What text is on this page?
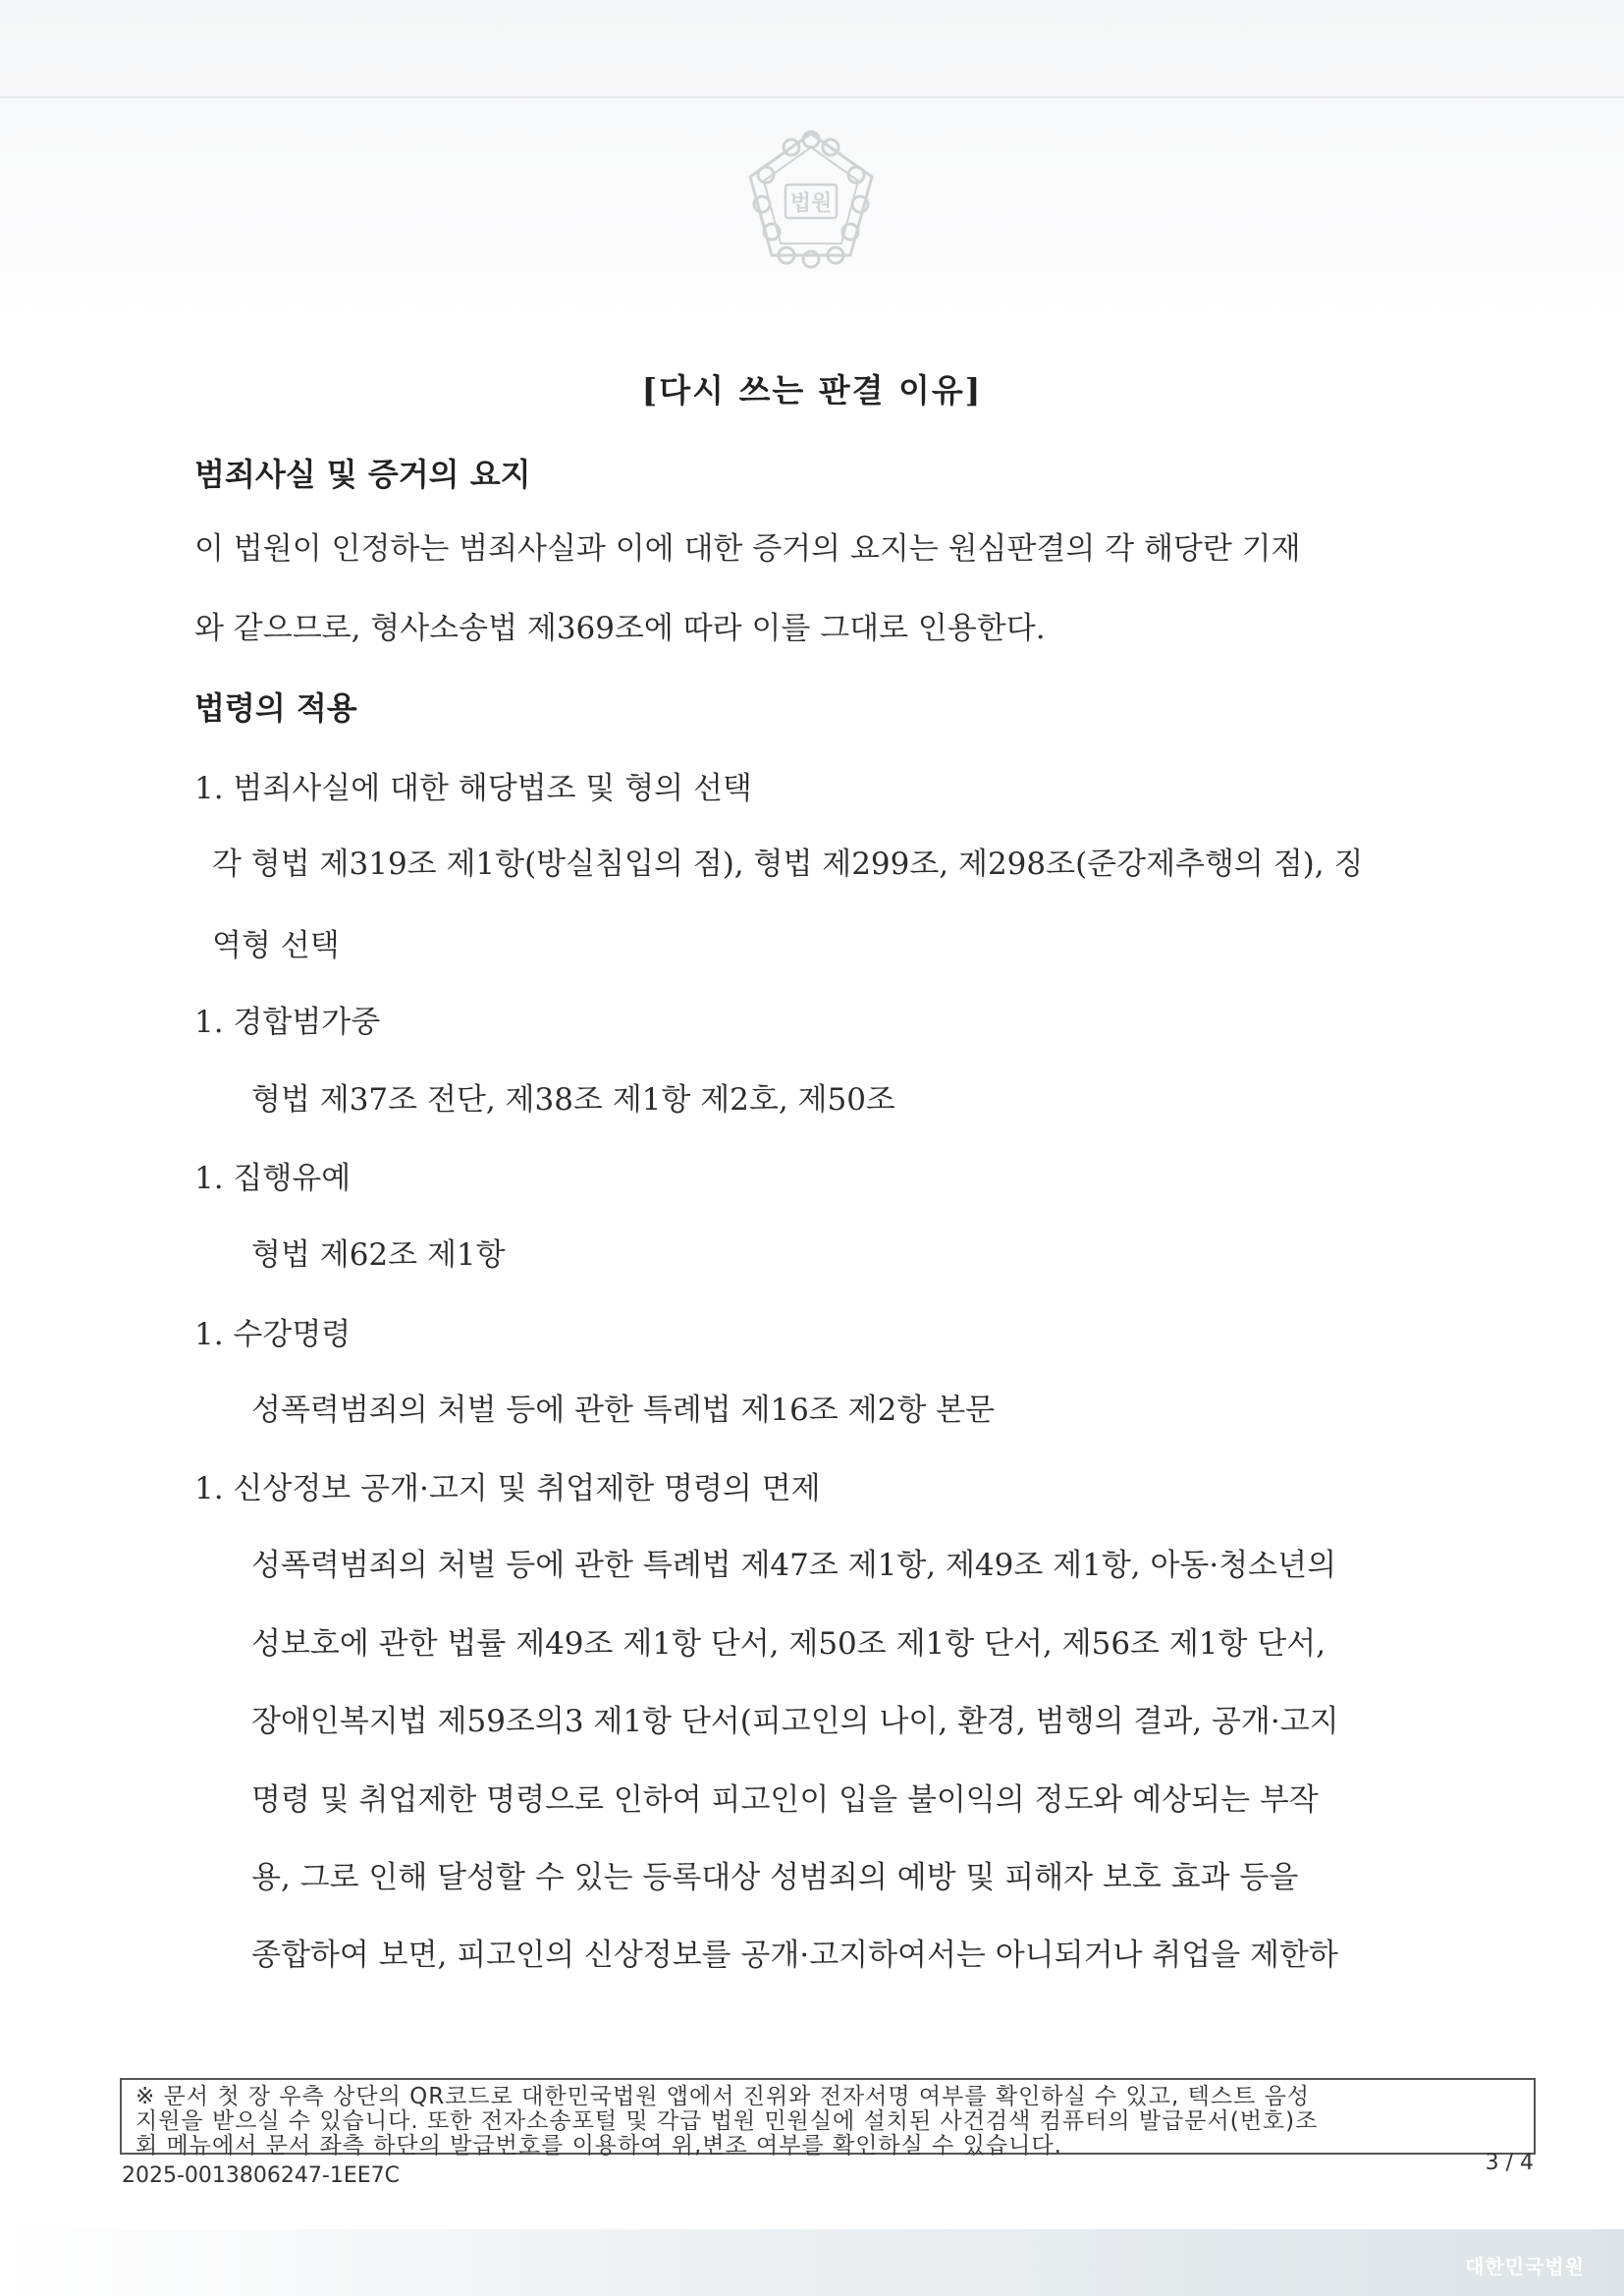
법원
[다시 쓰는 판결 이유]
범죄사실 및 증거의 요지
이 법원이 인정하는 범죄사실과 이에 대한 증거의 요지는 원심판결의 각 해당란 기재
와 같으므로, 형사소송법 제369조에 따라 이를 그대로 인용한다.
법령의 적용
1. 범죄사실에 대한 해당법조 및 형의 선택
각 형법 제319조 제1항(방실침입의 점), 형법 제299조, 제298조(준강제추행의 점), 징
역형 선택
1. 경합범가중
형법 제37조 전단, 제38조 제1항 제2호, 제50조
1. 집행유예
형법 제62조 제1항
1. 수강명령
성폭력범죄의 처벌 등에 관한 특례법 제16조 제2항 본문
1. 신상정보 공개·고지 및 취업제한 명령의 면제
성폭력범죄의 처벌 등에 관한 특례법 제47조 제1항, 제49조 제1항, 아동·청소년의
성보호에 관한 법률 제49조 제1항 단서, 제50조 제1항 단서, 제56조 제1항 단서,
장애인복지법 제59조의3 제1항 단서(피고인의 나이, 환경, 범행의 결과, 공개·고지
명령 및 취업제한 명령으로 인하여 피고인이 입을 불이익의 정도와 예상되는 부작
용, 그로 인해 달성할 수 있는 등록대상 성범죄의 예방 및 피해자 보호 효과 등을
종합하여 보면, 피고인의 신상정보를 공개·고지하여서는 아니되거나 취업을 제한하
※ 문서 첫 장 우측 상단의 QR코드로 대한민국법원 앱에서 진위와 전자서명 여부를 확인하실 수 있고, 텍스트 음성
지원을 받으실 수 있습니다. 또한 전자소송포털 및 각급 법원 민원실에 설치된 사건검색 컴퓨터의 발급문서(번호)조
회 메뉴에서 문서 좌측 하단의 발급번호를 이용하여 위,변조 여부를 확인하실 수 있습니다.
2025-0013806247-1EE7C
3 / 4
대한민국법원
